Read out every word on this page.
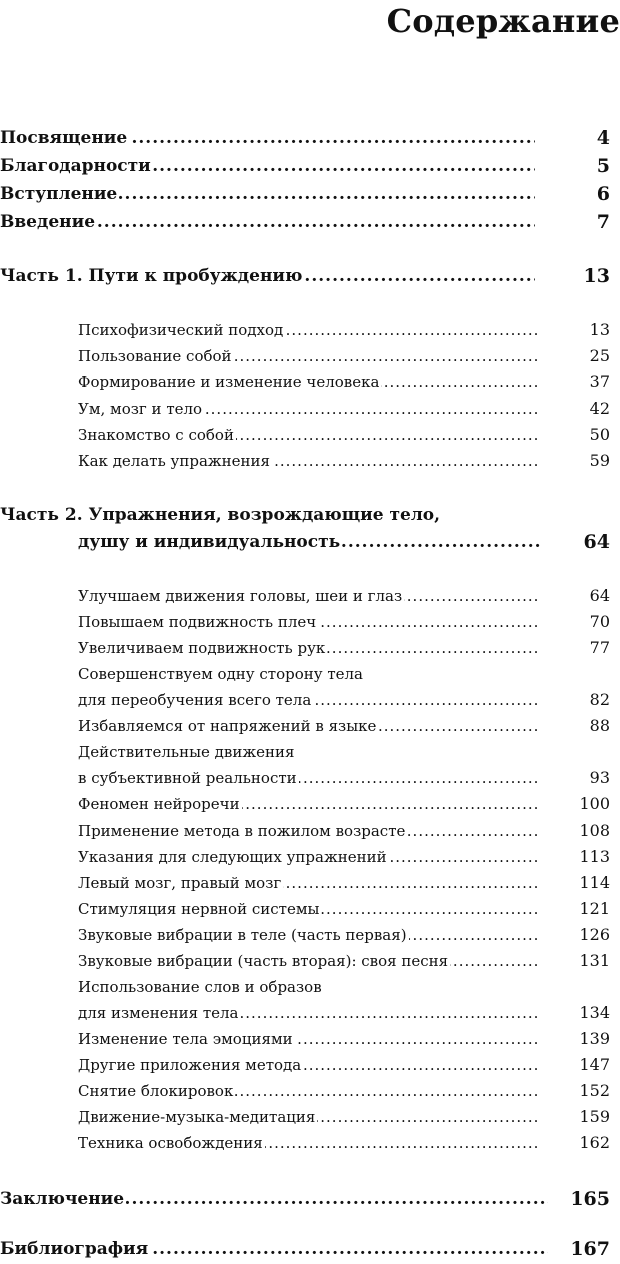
Содержание
Посвящение .....	4
Благодарности .....	5
Вступление .....	6
Введение .....	7
Часть 1. Пути к пробуждению .....	13
Психофизический подход .....	13
Пользование собой .....	25
Формирование и изменение человека .....	37
Ум, мозг и тело .....	42
Знакомство с собой .....	50
Как делать упражнения .....	59
Часть 2. Упражнения, возрождающие тело,
душу и индивидуальность .....	64
Улучшаем движения головы, шеи и глаз .....	64
Повышаем подвижность плеч .....	70
Увеличиваем подвижность рук .....	77
Совершенствуем одну сторону тела
для переобучения всего тела .....	82
Избавляемся от напряжений в языке .....	88
Действительные движения
в субъективной реальности .....	93
Феномен нейроречи .....	100
Применение метода в пожилом возрасте .....	108
Указания для следующих упражнений .....	113
Левый мозг, правый мозг .....	114
Стимуляция нервной системы .....	121
Звуковые вибрации в теле (часть первая) .....	126
Звуковые вибрации (часть вторая): своя песня .....	131
Использование слов и образов
для изменения тела .....	134
Изменение тела эмоциями .....	139
Другие приложения метода .....	147
Снятие блокировок .....	152
Движение-музыка-медитация .....	159
Техника освобождения .....	162
Заключение .....	165
Библиография .....	167
